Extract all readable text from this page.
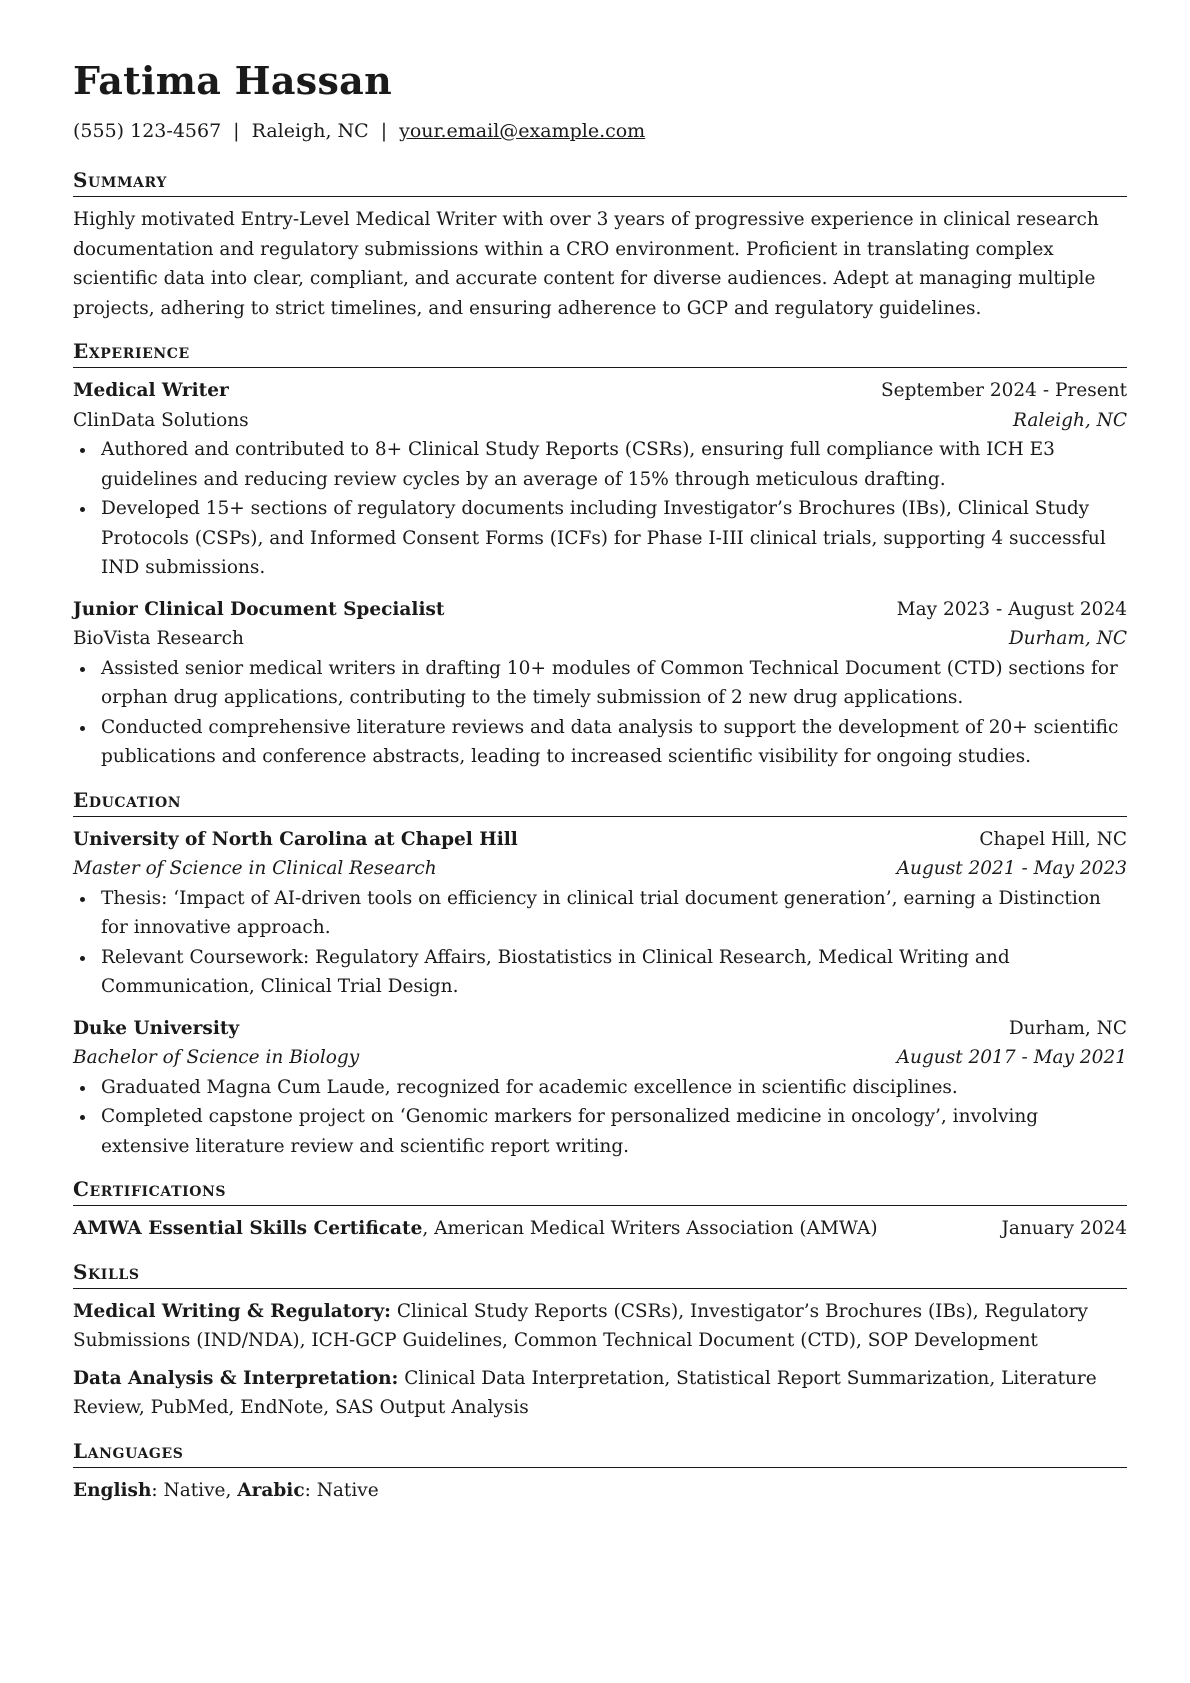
Fatima Hassan
(555) 123-4567 | Raleigh, NC | your.email@example.com
Summary
Highly motivated Entry-Level Medical Writer with over 3 years of progressive experience in clinical research documentation and regulatory submissions within a CRO environment. Proficient in translating complex scientific data into clear, compliant, and accurate content for diverse audiences. Adept at managing multiple projects, adhering to strict timelines, and ensuring adherence to GCP and regulatory guidelines.
Experience
Medical Writer	September 2024 - Present
ClinData Solutions	Raleigh, NC
Authored and contributed to 8+ Clinical Study Reports (CSRs), ensuring full compliance with ICH E3 guidelines and reducing review cycles by an average of 15% through meticulous drafting.
Developed 15+ sections of regulatory documents including Investigator’s Brochures (IBs), Clinical Study Protocols (CSPs), and Informed Consent Forms (ICFs) for Phase I-III clinical trials, supporting 4 successful IND submissions.
Junior Clinical Document Specialist	May 2023 - August 2024
BioVista Research	Durham, NC
Assisted senior medical writers in drafting 10+ modules of Common Technical Document (CTD) sections for orphan drug applications, contributing to the timely submission of 2 new drug applications.
Conducted comprehensive literature reviews and data analysis to support the development of 20+ scientific publications and conference abstracts, leading to increased scientific visibility for ongoing studies.
Education
University of North Carolina at Chapel Hill	Chapel Hill, NC
Master of Science in Clinical Research	August 2021 - May 2023
Thesis: ‘Impact of AI-driven tools on efficiency in clinical trial document generation’, earning a Distinction for innovative approach.
Relevant Coursework: Regulatory Affairs, Biostatistics in Clinical Research, Medical Writing and Communication, Clinical Trial Design.
Duke University	Durham, NC
Bachelor of Science in Biology	August 2017 - May 2021
Graduated Magna Cum Laude, recognized for academic excellence in scientific disciplines.
Completed capstone project on ‘Genomic markers for personalized medicine in oncology’, involving extensive literature review and scientific report writing.
Certifications
AMWA Essential Skills Certificate, American Medical Writers Association (AMWA)	January 2024
Skills
Medical Writing & Regulatory: Clinical Study Reports (CSRs), Investigator’s Brochures (IBs), Regulatory Submissions (IND/NDA), ICH-GCP Guidelines, Common Technical Document (CTD), SOP Development
Data Analysis & Interpretation: Clinical Data Interpretation, Statistical Report Summarization, Literature Review, PubMed, EndNote, SAS Output Analysis
Languages
English: Native, Arabic: Native
